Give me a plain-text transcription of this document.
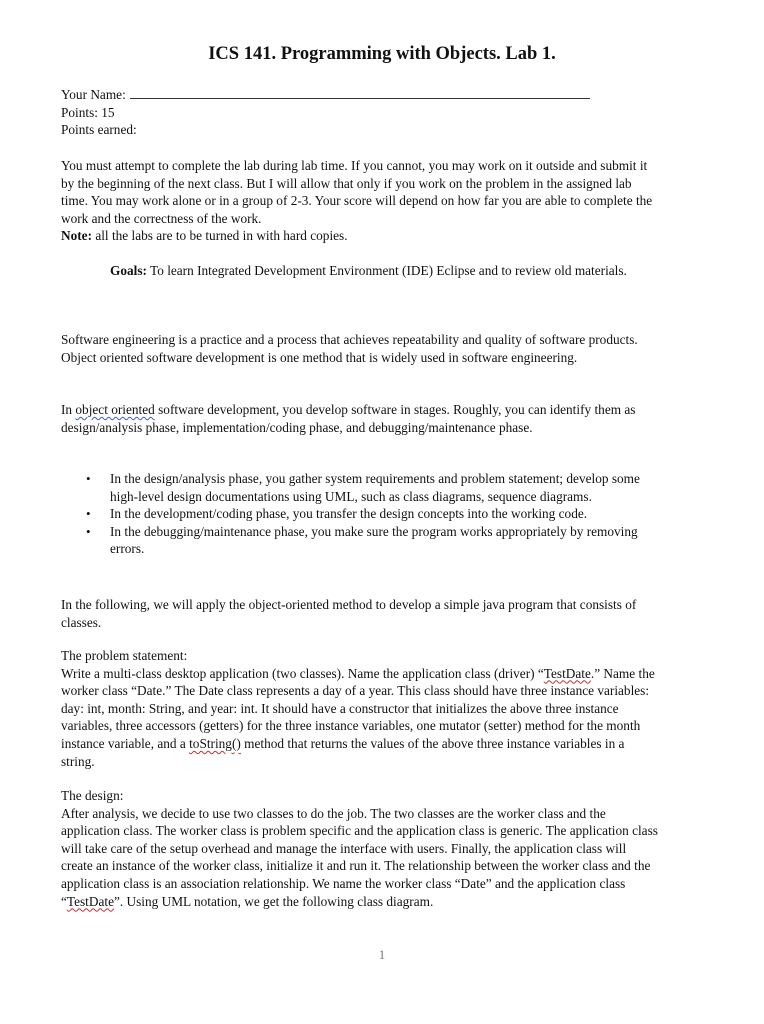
ICS 141. Programming with Objects. Lab 1.

Your Name:

Points: 15

Points earned:

You must attempt to complete the lab during lab time. If you cannot, you may work on it outside and submit it by the beginning of the next class. But I will allow that only if you work on the problem in the assigned lab time. You may work alone or in a group of 2-3. Your score will depend on how far you are able to complete the work and the correctness of the work.

Note: all the labs are to be turned in with hard copies.

Goals: To learn Integrated Development Environment (IDE) Eclipse and to review old materials.

Software engineering is a practice and a process that achieves repeatability and quality of software products. Object oriented software development is one method that is widely used in software engineering.

In object oriented software development, you develop software in stages. Roughly, you can identify them as design/analysis phase, implementation/coding phase, and debugging/maintenance phase.

• In the design/analysis phase, you gather system requirements and problem statement; develop some high-level design documentations using UML, such as class diagrams, sequence diagrams.
• In the development/coding phase, you transfer the design concepts into the working code.
• In the debugging/maintenance phase, you make sure the program works appropriately by removing errors.

In the following, we will apply the object-oriented method to develop a simple java program that consists of classes.

The problem statement:

Write a multi-class desktop application (two classes). Name the application class (driver) “TestDate.” Name the worker class “Date.” The Date class represents a day of a year. This class should have three instance variables: day: int, month: String, and year: int. It should have a constructor that initializes the above three instance variables, three accessors (getters) for the three instance variables, one mutator (setter) method for the month instance variable, and a toString() method that returns the values of the above three instance variables in a string.

The design:

After analysis, we decide to use two classes to do the job. The two classes are the worker class and the application class. The worker class is problem specific and the application class is generic. The application class will take care of the setup overhead and manage the interface with users. Finally, the application class will create an instance of the worker class, initialize it and run it. The relationship between the worker class and the application class is an association relationship. We name the worker class “Date” and the application class “TestDate”. Using UML notation, we get the following class diagram.

1
